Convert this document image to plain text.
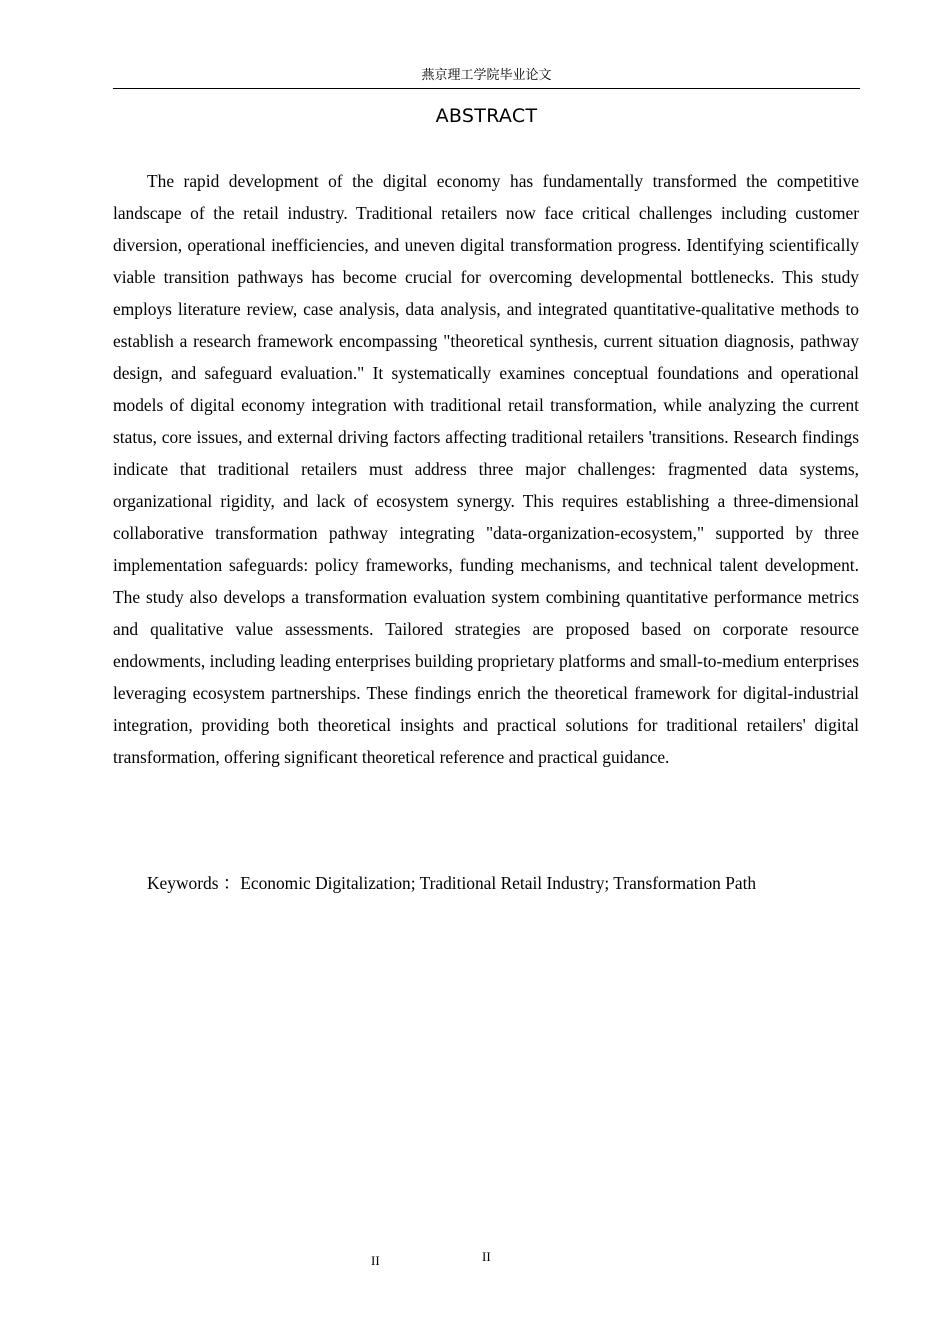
燕京理工学院毕业论文
ABSTRACT

The rapid development of the digital economy has fundamentally transformed the competitive landscape of the retail industry. Traditional retailers now face critical challenges including customer diversion, operational inefficiencies, and uneven digital transformation progress. Identifying scientifically viable transition pathways has become crucial for overcoming developmental bottlenecks. This study employs literature review, case analysis, data analysis, and integrated quantitative-qualitative methods to establish a research framework encompassing "theoretical synthesis, current situation diagnosis, pathway design, and safeguard evaluation." It systematically examines conceptual foundations and operational models of digital economy integration with traditional retail transformation, while analyzing the current status, core issues, and external driving factors affecting traditional retailers 'transitions. Research findings indicate that traditional retailers must address three major challenges: fragmented data systems, organizational rigidity, and lack of ecosystem synergy. This requires establishing a three-dimensional collaborative transformation pathway integrating "data-organization-ecosystem," supported by three implementation safeguards: policy frameworks, funding mechanisms, and technical talent development. The study also develops a transformation evaluation system combining quantitative performance metrics and qualitative value assessments. Tailored strategies are proposed based on corporate resource endowments, including leading enterprises building proprietary platforms and small-to-medium enterprises leveraging ecosystem partnerships. These findings enrich the theoretical framework for digital-industrial integration, providing both theoretical insights and practical solutions for traditional retailers' digital transformation, offering significant theoretical reference and practical guidance.

Keywords ：Economic Digitalization; Traditional Retail Industry; Transformation Path
II	II
